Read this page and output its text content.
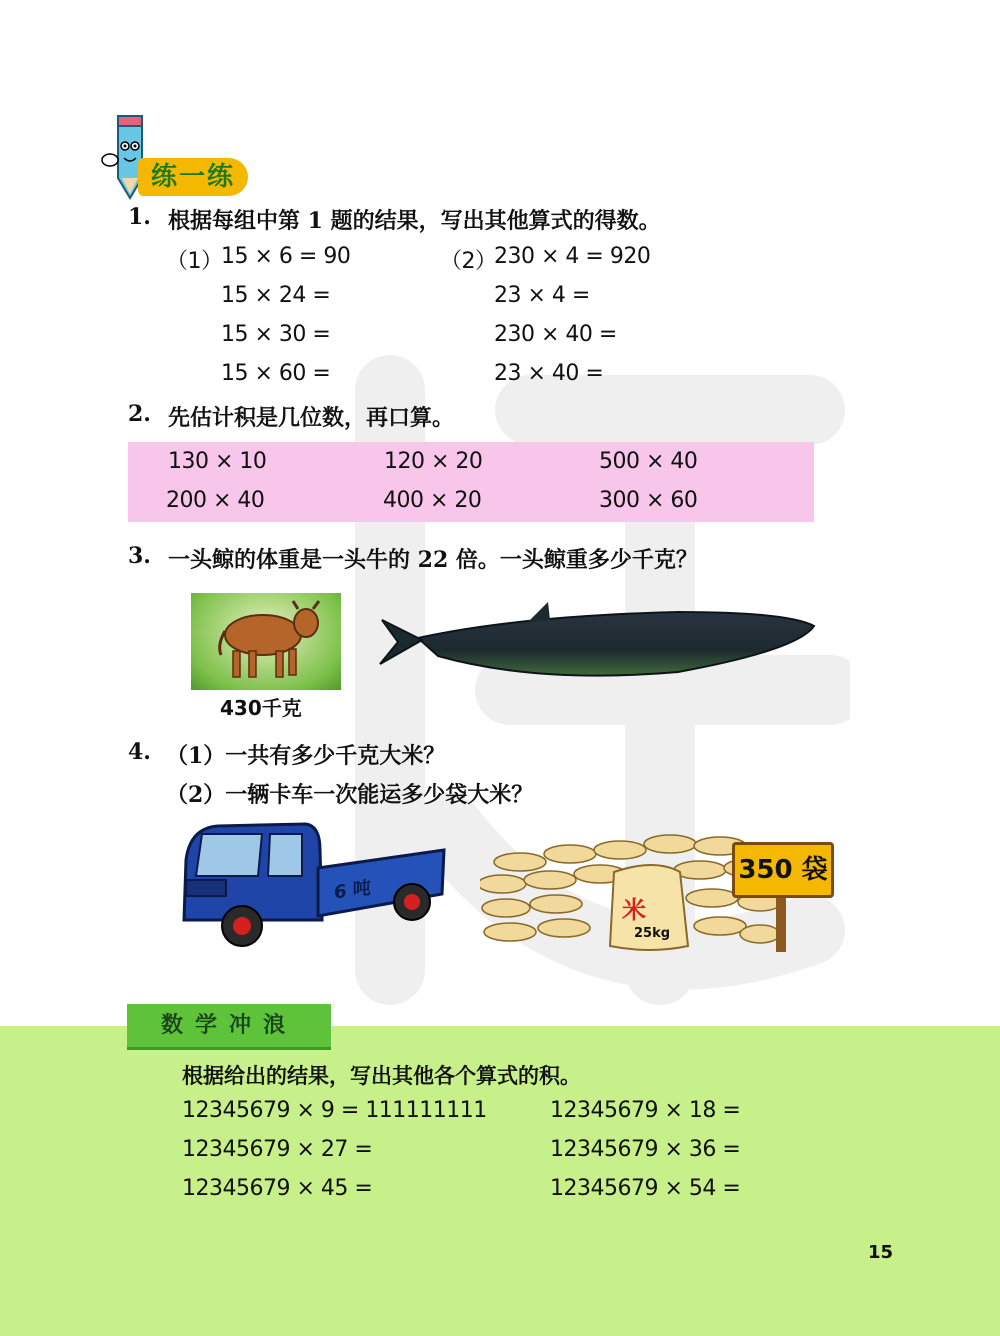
练一练
1. 根据每组中第 1 题的结果，写出其他算式的得数。
（1）
15 × 6 = 90
15 × 24 =
15 × 30 =
15 × 60 =
（2）
230 × 4 = 920
23 × 4 =
230 × 40 =
23 × 40 =
2. 先估计积是几位数，再口算。
130 × 10	120 × 20	500 × 40
200 × 40	400 × 20	300 × 60
3. 一头鲸的体重是一头牛的 22 倍。一头鲸重多少千克？
430千克
4. （1）一共有多少千克大米？
（2）一辆卡车一次能运多少袋大米？
6 吨
米
25kg
350 袋
数学冲浪
根据给出的结果，写出其他各个算式的积。
12345679 × 9 = 111111111	12345679 × 18 =
12345679 × 27 =	12345679 × 36 =
12345679 × 45 =	12345679 × 54 =
15
